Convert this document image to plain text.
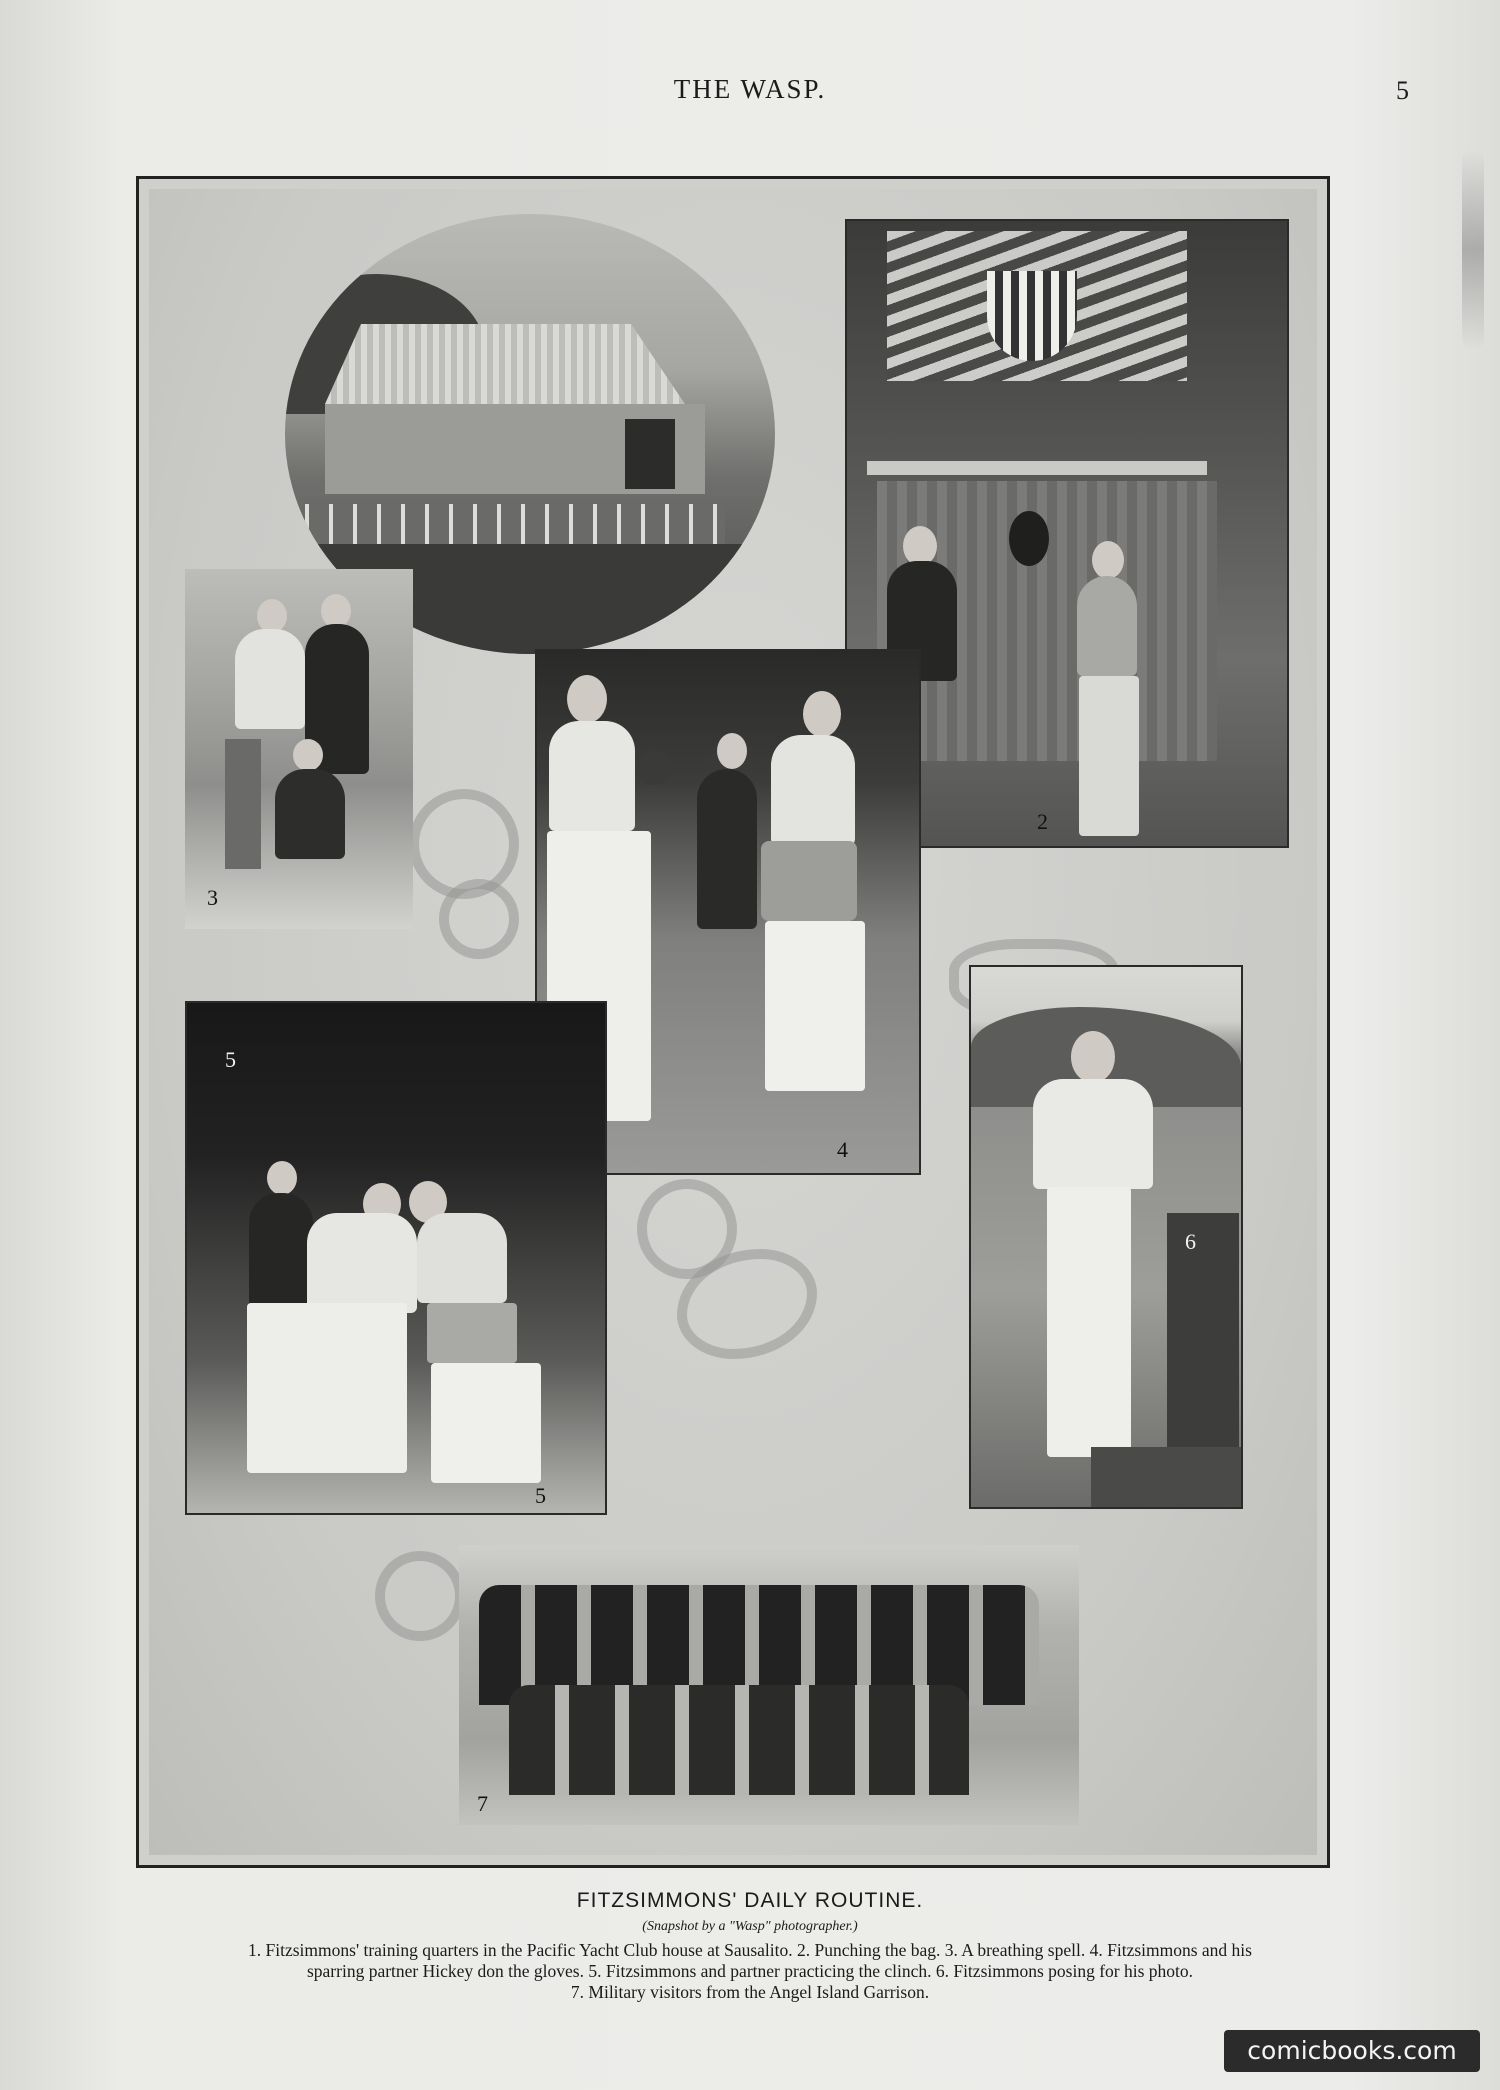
THE WASP.	5
2
3
4
5
5
6
7
FITZSIMMONS' DAILY ROUTINE.
(Snapshot by a "Wasp" photographer.)
1. Fitzsimmons' training quarters in the Pacific Yacht Club house at Sausalito. 2. Punching the bag. 3. A breathing spell. 4. Fitzsimmons and his
sparring partner Hickey don the gloves. 5. Fitzsimmons and partner practicing the clinch. 6. Fitzsimmons posing for his photo.
7. Military visitors from the Angel Island Garrison.
comicbooks.com
